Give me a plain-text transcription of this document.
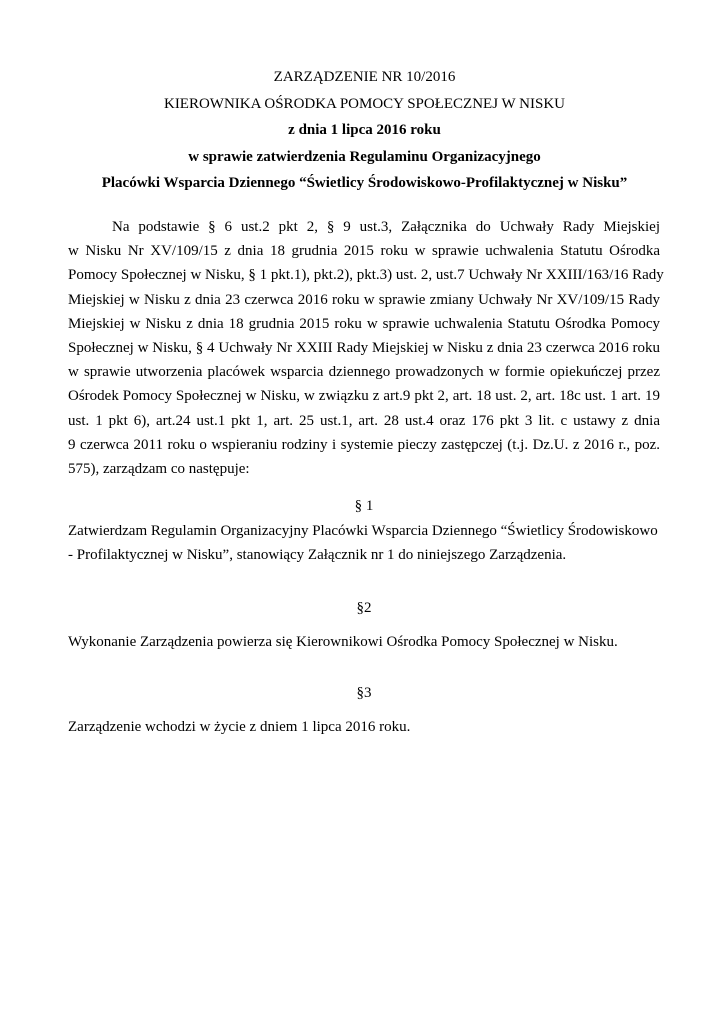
ZARZĄDZENIE NR 10/2016
KIEROWNIKA OŚRODKA POMOCY SPOŁECZNEJ W NISKU
z dnia 1 lipca 2016 roku
w sprawie zatwierdzenia Regulaminu Organizacyjnego
Placówki Wsparcia Dziennego “Świetlicy Środowiskowo-Profilaktycznej w Nisku”
Na podstawie § 6 ust.2 pkt 2, § 9 ust.3, Załącznika do Uchwały Rady Miejskiej
w Nisku Nr XV/109/15 z dnia 18 grudnia 2015 roku w sprawie uchwalenia Statutu Ośrodka
Pomocy Społecznej w Nisku, § 1 pkt.1), pkt.2), pkt.3) ust. 2, ust.7 Uchwały Nr XXIII/163/16 Rady
Miejskiej w Nisku z dnia 23 czerwca 2016 roku w sprawie zmiany Uchwały Nr XV/109/15 Rady
Miejskiej w Nisku z dnia 18 grudnia 2015 roku w sprawie uchwalenia Statutu Ośrodka Pomocy
Społecznej w Nisku, § 4 Uchwały Nr XXIII Rady Miejskiej w Nisku z dnia 23 czerwca 2016 roku
w sprawie utworzenia placówek wsparcia dziennego prowadzonych w formie opiekuńczej przez
Ośrodek Pomocy Społecznej w Nisku, w związku z art.9 pkt 2, art. 18 ust. 2, art. 18c ust. 1 art. 19
ust. 1 pkt 6), art.24 ust.1 pkt 1, art. 25 ust.1, art. 28 ust.4 oraz 176 pkt 3 lit. c ustawy z dnia
9 czerwca 2011 roku o wspieraniu rodziny i systemie pieczy zastępczej (t.j. Dz.U. z 2016 r., poz.
575), zarządzam co następuje:
§ 1
Zatwierdzam Regulamin Organizacyjny Placówki Wsparcia Dziennego “Świetlicy Środowiskowo
- Profilaktycznej w Nisku”, stanowiący Załącznik nr 1 do niniejszego Zarządzenia.
§2
Wykonanie Zarządzenia powierza się Kierownikowi Ośrodka Pomocy Społecznej w Nisku.
§3
Zarządzenie wchodzi w życie z dniem 1 lipca 2016 roku.
